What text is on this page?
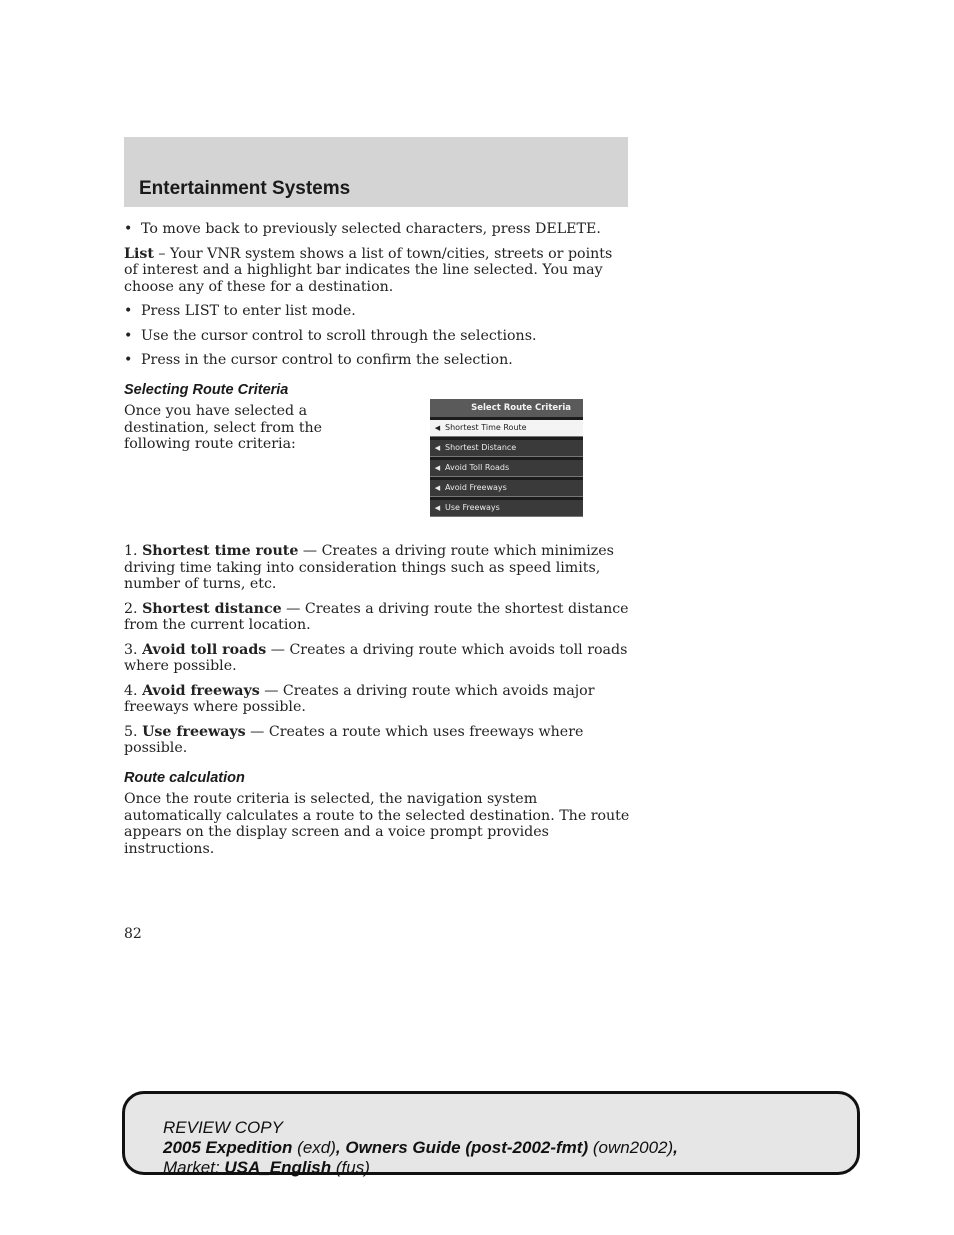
Entertainment Systems
• To move back to previously selected characters, press DELETE.

List – Your VNR system shows a list of town/cities, streets or points of interest and a highlight bar indicates the line selected. You may choose any of these for a destination.

• Press LIST to enter list mode.
• Use the cursor control to scroll through the selections.
• Press in the cursor control to confirm the selection.
Selecting Route Criteria

Once you have selected a destination, select from the following route criteria:

Select Route Criteria
◀ Shortest Time Route
◀ Shortest Distance
◀ Avoid Toll Roads
◀ Avoid Freeways
◀ Use Freeways

1. Shortest time route — Creates a driving route which minimizes driving time taking into consideration things such as speed limits, number of turns, etc.

2. Shortest distance — Creates a driving route the shortest distance from the current location.

3. Avoid toll roads — Creates a driving route which avoids toll roads where possible.

4. Avoid freeways — Creates a driving route which avoids major freeways where possible.

5. Use freeways — Creates a route which uses freeways where possible.

Route calculation

Once the route criteria is selected, the navigation system automatically calculates a route to the selected destination. The route appears on the display screen and a voice prompt provides instructions.

82
REVIEW COPY
2005 Expedition (exd), Owners Guide (post-2002-fmt) (own2002),
Market: USA_English (fus)
